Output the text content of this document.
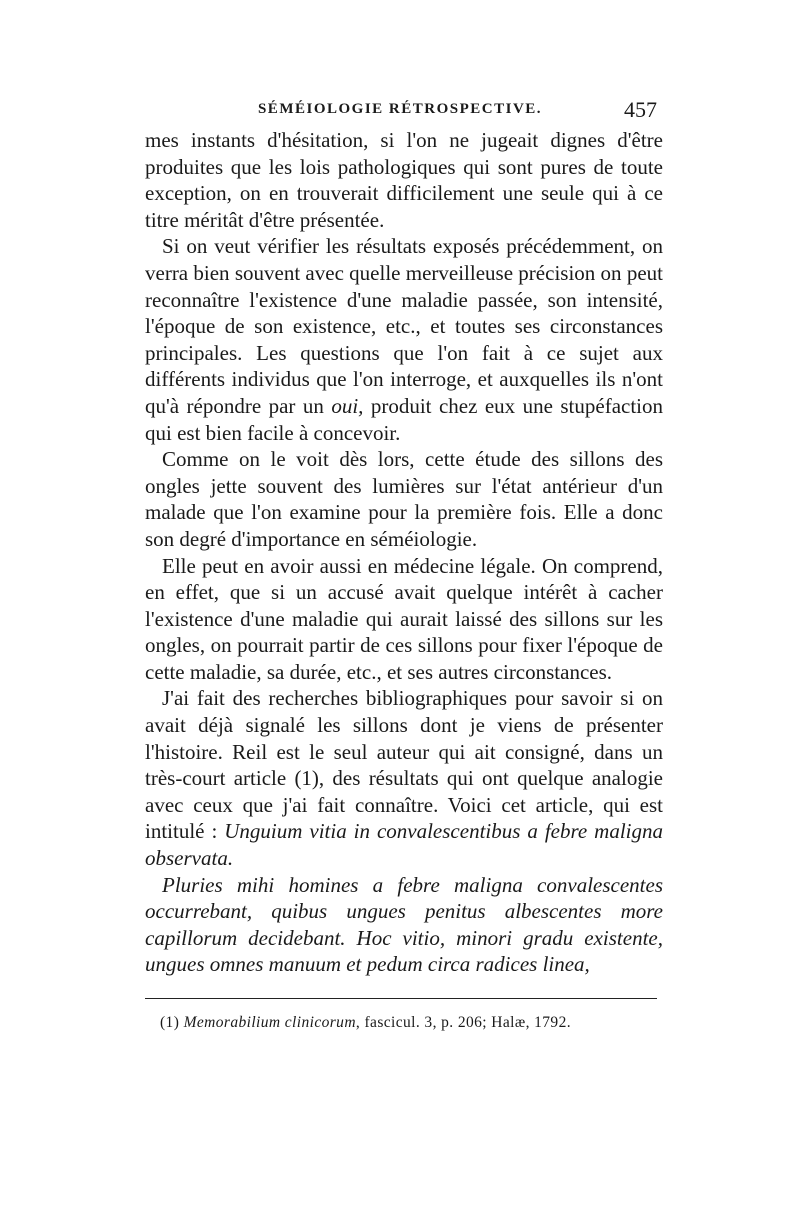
SÉMÉIOLOGIE RÉTROSPECTIVE.	457

mes instants d'hésitation, si l'on ne jugeait dignes d'être produites que les lois pathologiques qui sont pures de toute exception, on en trouverait difficilement une seule qui à ce titre méritât d'être présentée.

Si on veut vérifier les résultats exposés précédemment, on verra bien souvent avec quelle merveilleuse précision on peut reconnaître l'existence d'une maladie passée, son intensité, l'époque de son existence, etc., et toutes ses circonstances principales. Les questions que l'on fait à ce sujet aux différents individus que l'on interroge, et auxquelles ils n'ont qu'à répondre par un oui, produit chez eux une stupéfaction qui est bien facile à concevoir.

Comme on le voit dès lors, cette étude des sillons des ongles jette souvent des lumières sur l'état antérieur d'un malade que l'on examine pour la première fois. Elle a donc son degré d'importance en séméiologie.

Elle peut en avoir aussi en médecine légale. On comprend, en effet, que si un accusé avait quelque intérêt à cacher l'existence d'une maladie qui aurait laissé des sillons sur les ongles, on pourrait partir de ces sillons pour fixer l'époque de cette maladie, sa durée, etc., et ses autres circonstances.

J'ai fait des recherches bibliographiques pour savoir si on avait déjà signalé les sillons dont je viens de présenter l'histoire. Reil est le seul auteur qui ait consigné, dans un très-court article (1), des résultats qui ont quelque analogie avec ceux que j'ai fait connaître. Voici cet article, qui est intitulé : Unguium vitia in convalescentibus a febre maligna observata.

Pluries mihi homines a febre maligna convalescentes occurrebant, quibus ungues penitus albescentes more capillorum decidebant. Hoc vitio, minori gradu existente, ungues omnes manuum et pedum circa radices linea,

(1) Memorabilium clinicorum, fascicul. 3, p. 206; Halæ, 1792.
